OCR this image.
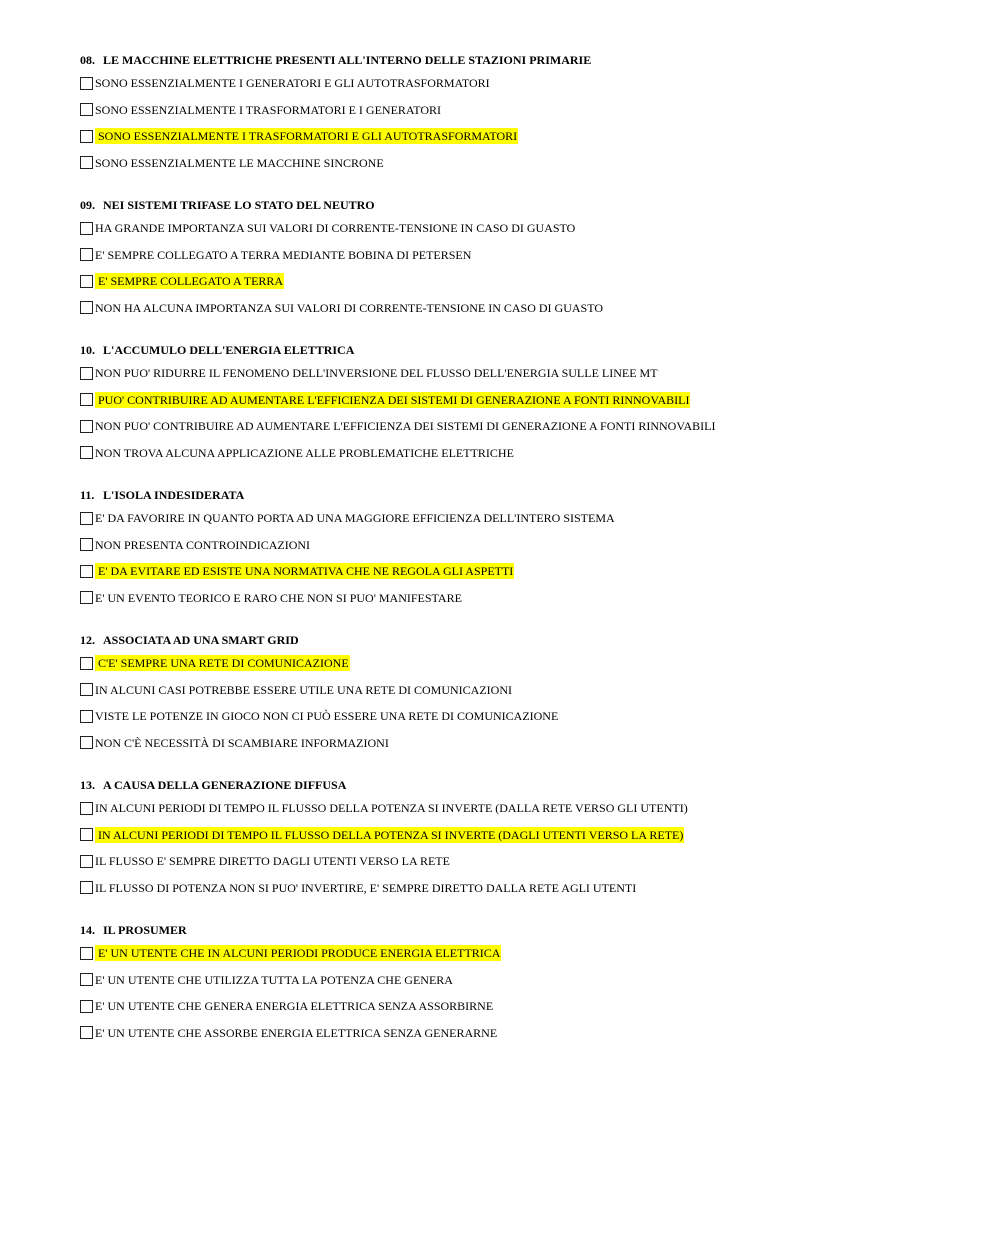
08. LE MACCHINE ELETTRICHE PRESENTI ALL'INTERNO DELLE STAZIONI PRIMARIE
SONO ESSENZIALMENTE I GENERATORI E GLI AUTOTRASFORMATORI
SONO ESSENZIALMENTE I TRASFORMATORI E I GENERATORI
SONO ESSENZIALMENTE I TRASFORMATORI E GLI AUTOTRASFORMATORI
SONO ESSENZIALMENTE LE MACCHINE SINCRONE
09. NEI SISTEMI TRIFASE LO STATO DEL NEUTRO
HA GRANDE IMPORTANZA SUI VALORI DI CORRENTE-TENSIONE IN CASO DI GUASTO
E' SEMPRE COLLEGATO A TERRA MEDIANTE BOBINA DI PETERSEN
E' SEMPRE COLLEGATO A TERRA
NON HA ALCUNA IMPORTANZA SUI VALORI DI CORRENTE-TENSIONE IN CASO DI GUASTO
10. L'ACCUMULO DELL'ENERGIA ELETTRICA
NON PUO' RIDURRE IL FENOMENO DELL'INVERSIONE DEL FLUSSO DELL'ENERGIA SULLE LINEE MT
PUO' CONTRIBUIRE AD AUMENTARE L'EFFICIENZA DEI SISTEMI DI GENERAZIONE A FONTI RINNOVABILI
NON PUO' CONTRIBUIRE AD AUMENTARE L'EFFICIENZA DEI SISTEMI DI GENERAZIONE A FONTI RINNOVABILI
NON TROVA ALCUNA APPLICAZIONE ALLE PROBLEMATICHE ELETTRICHE
11. L'ISOLA INDESIDERATA
E' DA FAVORIRE IN QUANTO PORTA AD UNA MAGGIORE EFFICIENZA DELL'INTERO SISTEMA
NON PRESENTA CONTROINDICAZIONI
E' DA EVITARE ED ESISTE UNA NORMATIVA CHE NE REGOLA GLI ASPETTI
E' UN EVENTO TEORICO E RARO CHE NON SI PUO' MANIFESTARE
12. ASSOCIATA AD UNA SMART GRID
C'E' SEMPRE UNA RETE DI COMUNICAZIONE
IN ALCUNI CASI POTREBBE ESSERE UTILE UNA RETE DI COMUNICAZIONI
VISTE LE POTENZE IN GIOCO NON CI PUÒ ESSERE UNA RETE DI COMUNICAZIONE
NON C'È NECESSITÀ DI SCAMBIARE INFORMAZIONI
13. A CAUSA DELLA GENERAZIONE DIFFUSA
IN ALCUNI PERIODI DI TEMPO IL FLUSSO DELLA POTENZA SI INVERTE (DALLA RETE VERSO GLI UTENTI)
IN ALCUNI PERIODI DI TEMPO IL FLUSSO DELLA POTENZA SI INVERTE (DAGLI UTENTI VERSO LA RETE)
IL FLUSSO E' SEMPRE DIRETTO DAGLI UTENTI VERSO LA RETE
IL FLUSSO DI POTENZA NON SI PUO' INVERTIRE, E' SEMPRE DIRETTO DALLA RETE AGLI UTENTI
14. IL PROSUMER
E' UN UTENTE CHE IN ALCUNI PERIODI PRODUCE ENERGIA ELETTRICA
E' UN UTENTE CHE UTILIZZA TUTTA LA POTENZA CHE GENERA
E' UN UTENTE CHE GENERA ENERGIA ELETTRICA SENZA ASSORBIRNE
E' UN UTENTE CHE ASSORBE ENERGIA ELETTRICA SENZA GENERARNE
